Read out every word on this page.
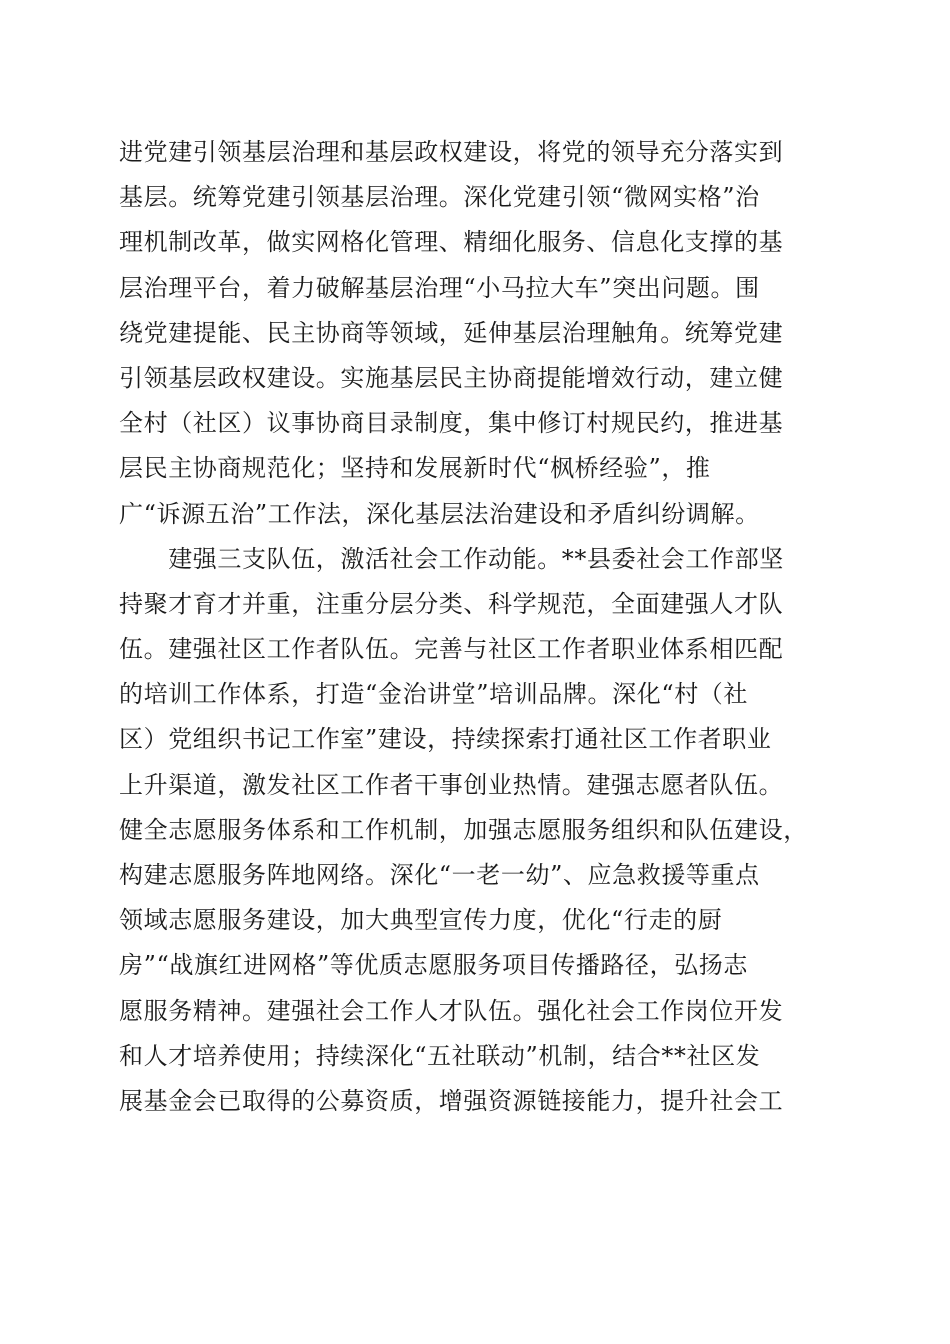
进党建引领基层治理和基层政权建设，将党的领导充分落实到
基层。统筹党建引领基层治理。深化党建引领“微网实格”治
理机制改革，做实网格化管理、精细化服务、信息化支撑的基
层治理平台，着力破解基层治理“小马拉大车”突出问题。围
绕党建提能、民主协商等领域，延伸基层治理触角。统筹党建
引领基层政权建设。实施基层民主协商提能增效行动，建立健
全村（社区）议事协商目录制度，集中修订村规民约，推进基
层民主协商规范化；坚持和发展新时代“枫桥经验”，推
广“诉源五治”工作法，深化基层法治建设和矛盾纠纷调解。
　　建强三支队伍，激活社会工作动能。**县委社会工作部坚
持聚才育才并重，注重分层分类、科学规范，全面建强人才队
伍。建强社区工作者队伍。完善与社区工作者职业体系相匹配
的培训工作体系，打造“金治讲堂”培训品牌。深化“村（社
区）党组织书记工作室”建设，持续探索打通社区工作者职业
上升渠道，激发社区工作者干事创业热情。建强志愿者队伍。
健全志愿服务体系和工作机制，加强志愿服务组织和队伍建设，
构建志愿服务阵地网络。深化“一老一幼”、应急救援等重点
领域志愿服务建设，加大典型宣传力度，优化“行走的厨
房”“战旗红进网格”等优质志愿服务项目传播路径，弘扬志
愿服务精神。建强社会工作人才队伍。强化社会工作岗位开发
和人才培养使用；持续深化“五社联动”机制，结合**社区发
展基金会已取得的公募资质，增强资源链接能力，提升社会工
